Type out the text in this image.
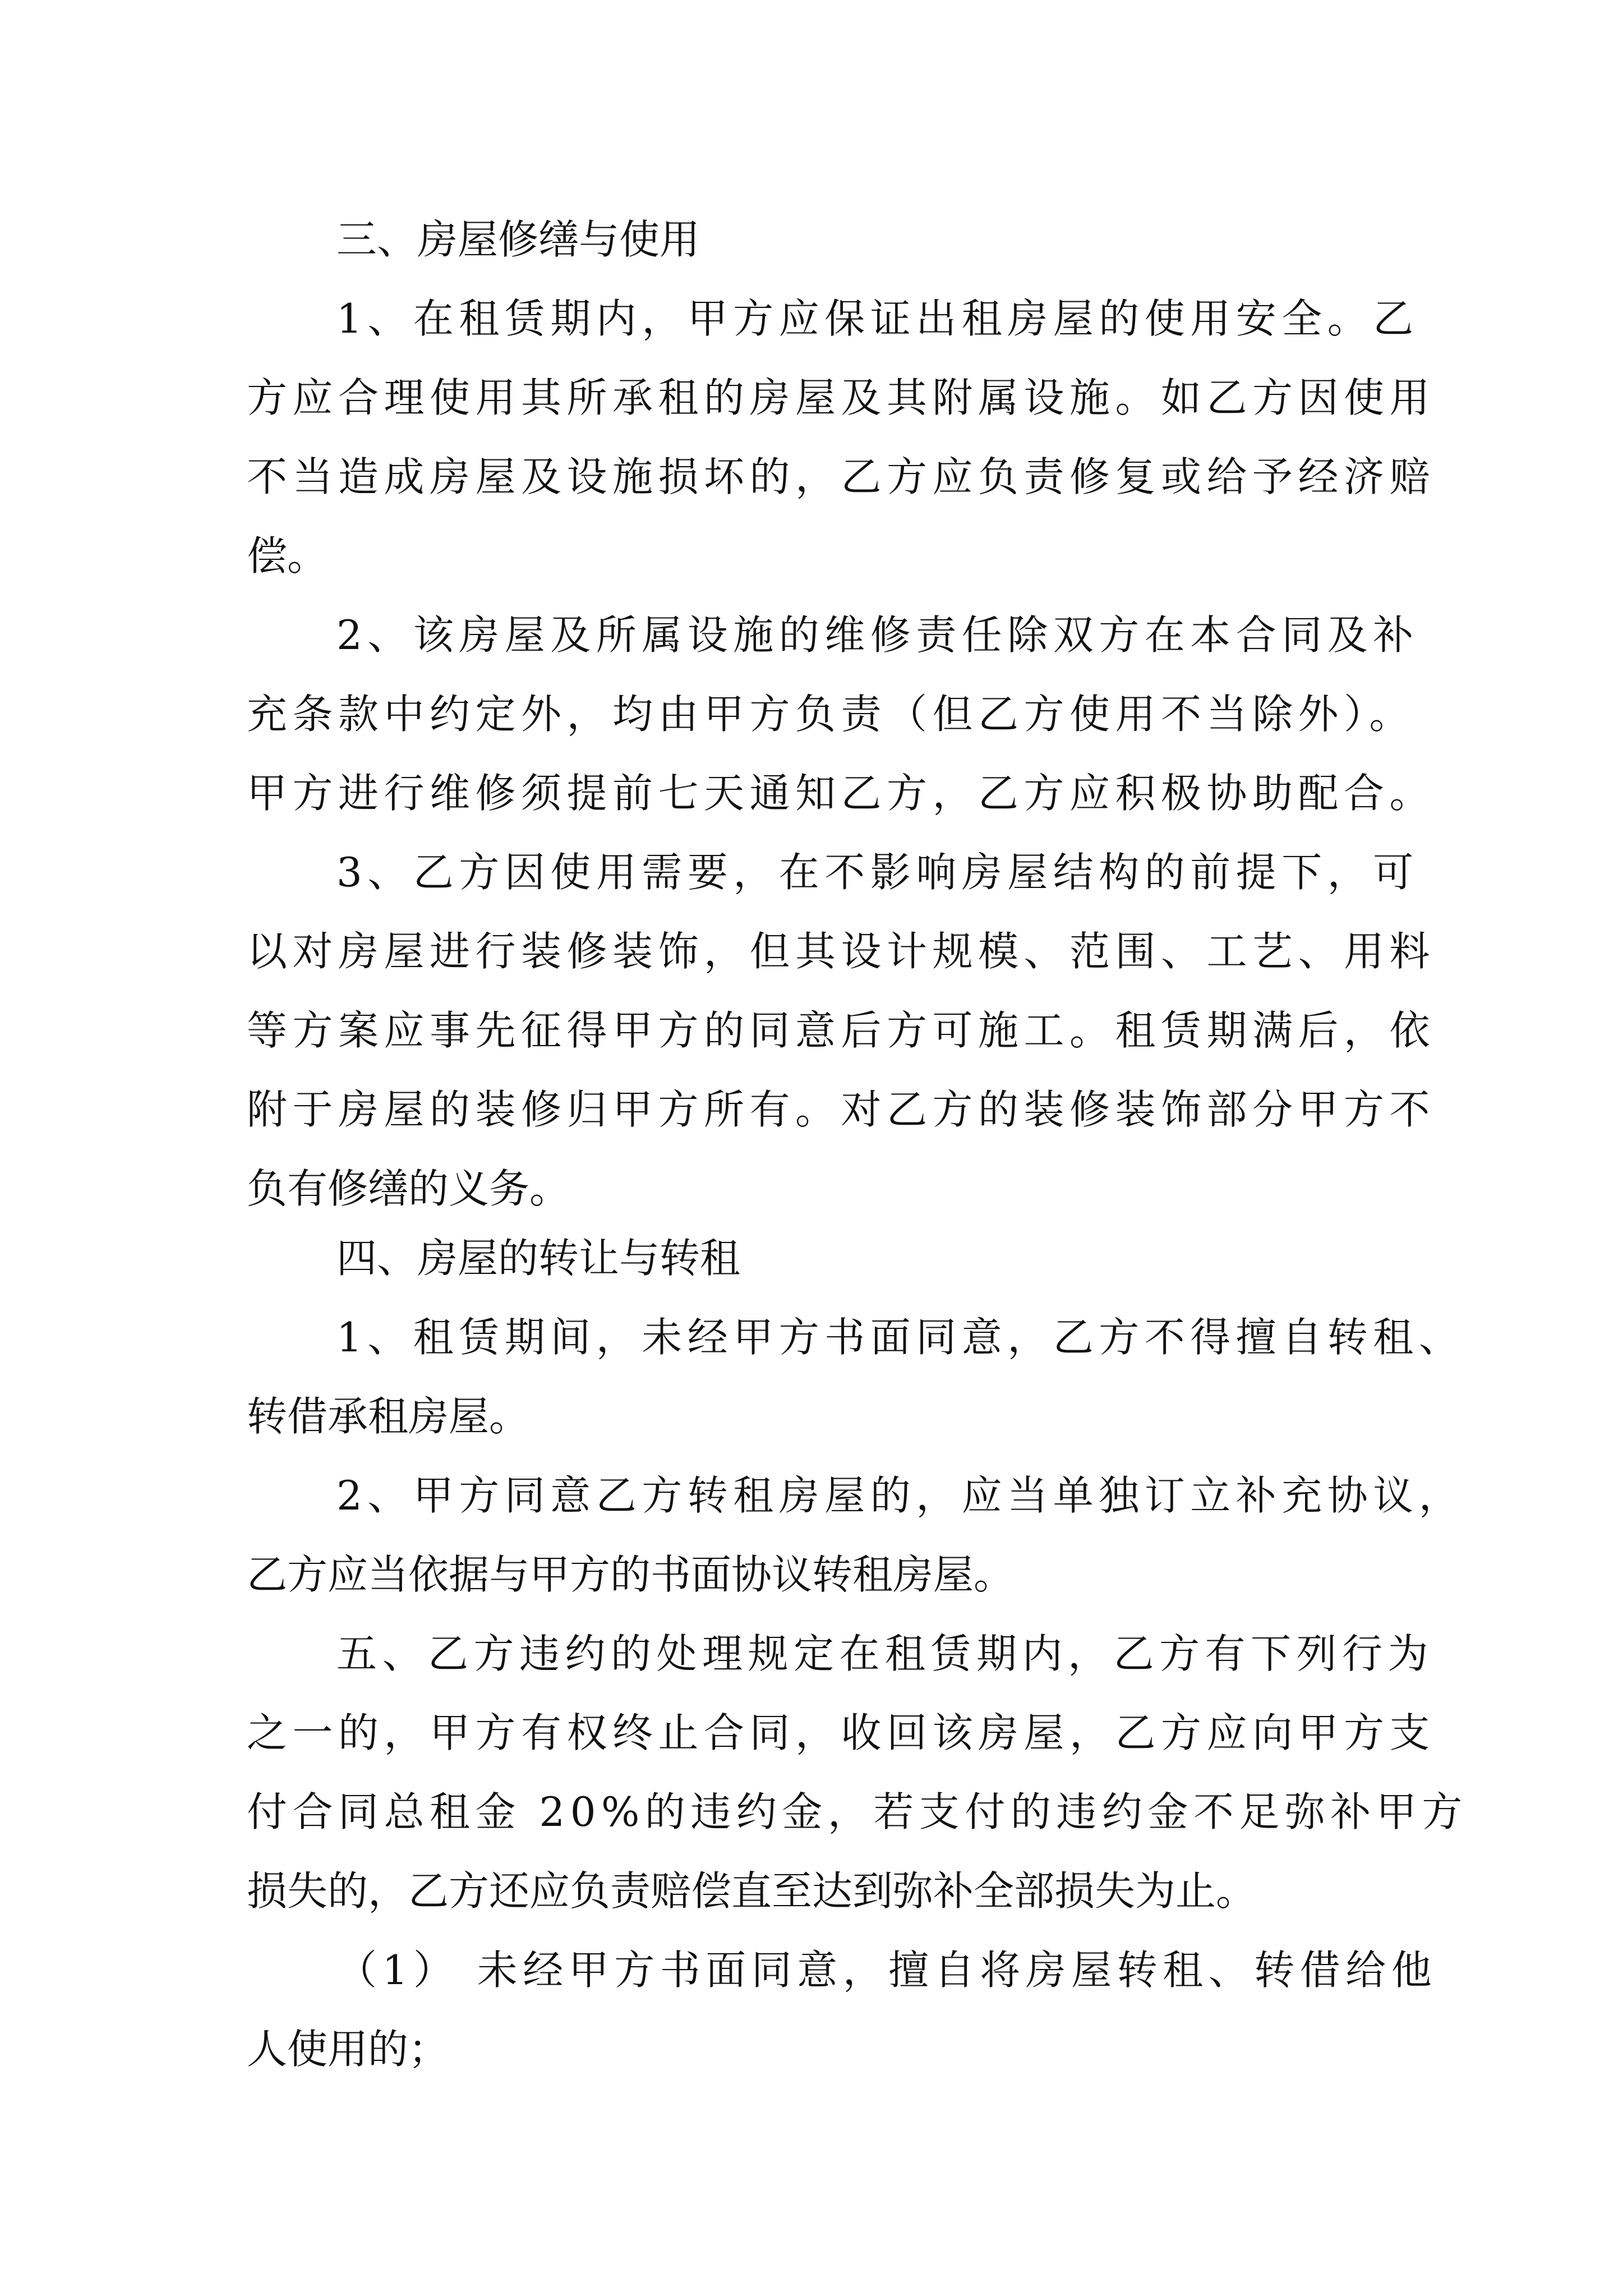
三、房屋修缮与使用
1、在租赁期内，甲方应保证出租房屋的使用安全。乙
方应合理使用其所承租的房屋及其附属设施。如乙方因使用
不当造成房屋及设施损坏的，乙方应负责修复或给予经济赔
偿。
2、该房屋及所属设施的维修责任除双方在本合同及补
充条款中约定外，均由甲方负责（但乙方使用不当除外）。
甲方进行维修须提前七天通知乙方，乙方应积极协助配合。
3、乙方因使用需要，在不影响房屋结构的前提下，可
以对房屋进行装修装饰，但其设计规模、范围、工艺、用料
等方案应事先征得甲方的同意后方可施工。租赁期满后，依
附于房屋的装修归甲方所有。对乙方的装修装饰部分甲方不
负有修缮的义务。
四、房屋的转让与转租
1、租赁期间，未经甲方书面同意，乙方不得擅自转租、
转借承租房屋。
2、甲方同意乙方转租房屋的，应当单独订立补充协议，
乙方应当依据与甲方的书面协议转租房屋。
五、乙方违约的处理规定在租赁期内，乙方有下列行为
之一的，甲方有权终止合同，收回该房屋，乙方应向甲方支
付合同总租金 20%的违约金，若支付的违约金不足弥补甲方
损失的，乙方还应负责赔偿直至达到弥补全部损失为止。
（1） 未经甲方书面同意，擅自将房屋转租、转借给他
人使用的；
